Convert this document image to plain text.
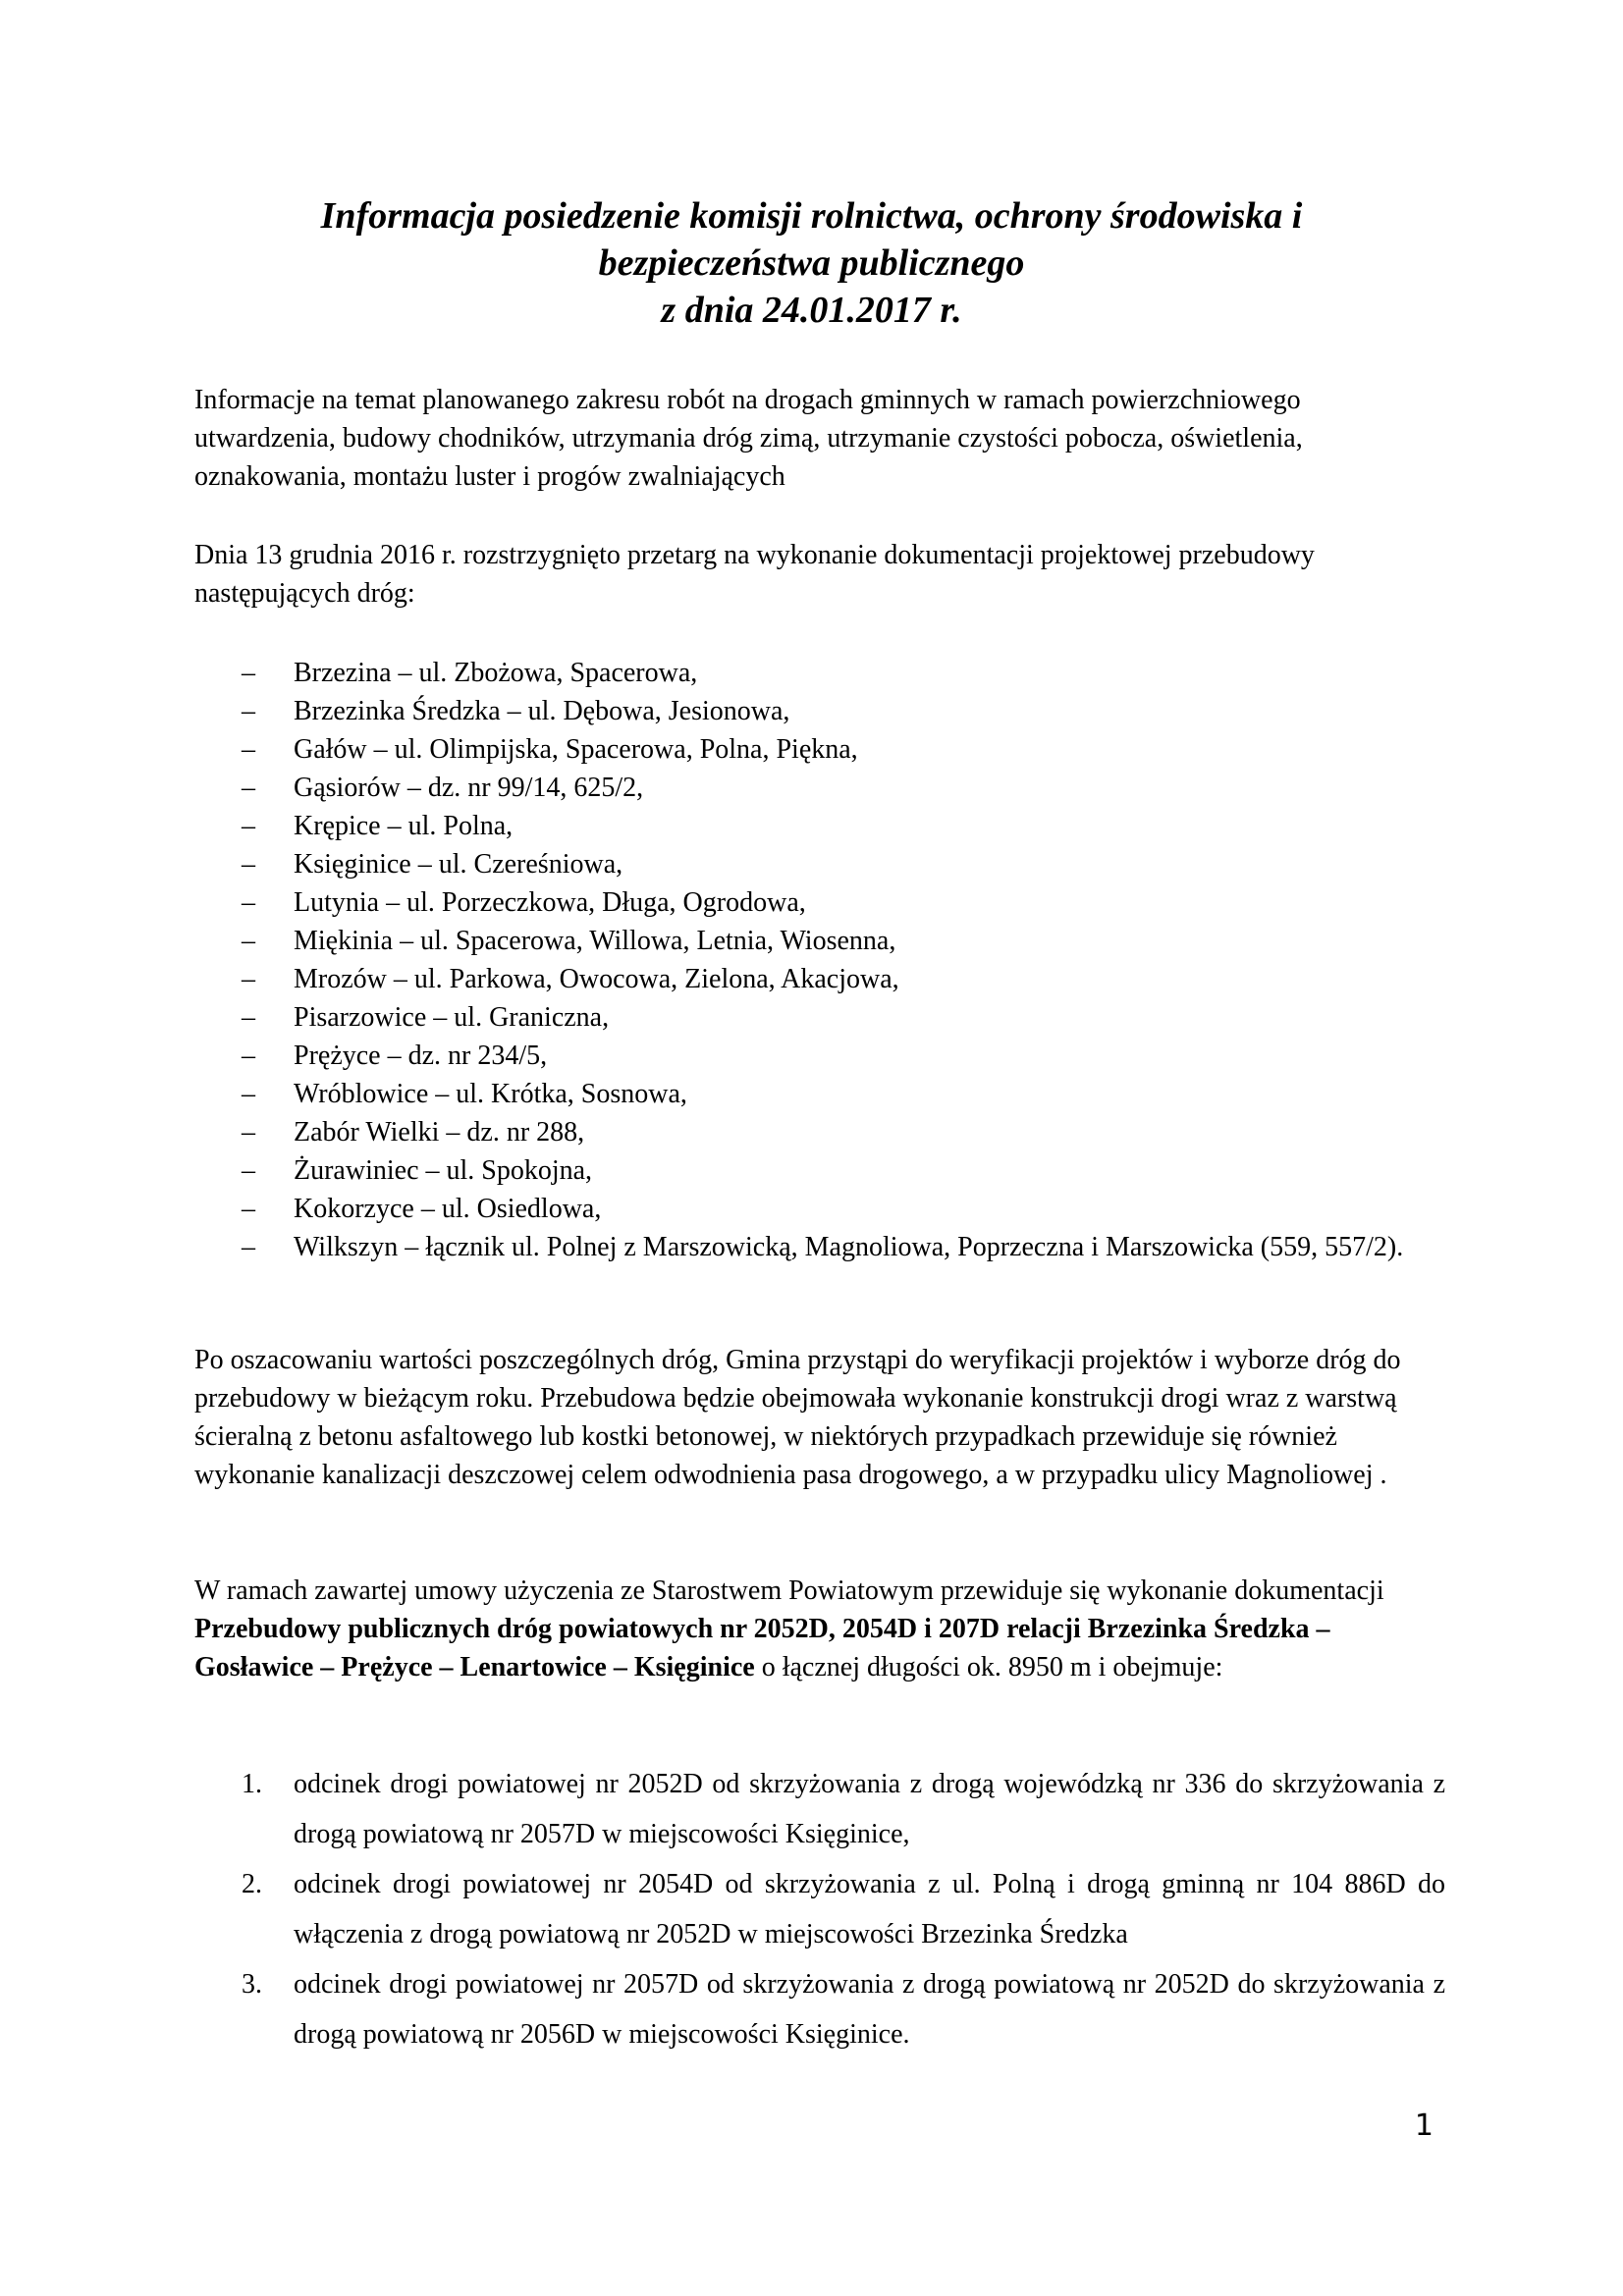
Informacja posiedzenie komisji rolnictwa, ochrony środowiska i
bezpieczeństwa publicznego
z dnia 24.01.2017 r.
Informacje na temat planowanego zakresu robót na drogach gminnych w ramach powierzchniowego utwardzenia, budowy chodników, utrzymania dróg zimą, utrzymanie czystości pobocza, oświetlenia, oznakowania, montażu luster i progów zwalniających
Dnia 13 grudnia 2016 r. rozstrzygnięto przetarg na wykonanie dokumentacji projektowej przebudowy następujących dróg:
– Brzezina – ul. Zbożowa, Spacerowa,
– Brzezinka Średzka – ul. Dębowa, Jesionowa,
– Gałów – ul. Olimpijska, Spacerowa, Polna, Piękna,
– Gąsiorów – dz. nr 99/14, 625/2,
– Krępice – ul. Polna,
– Księginice – ul. Czereśniowa,
– Lutynia – ul. Porzeczkowa, Długa, Ogrodowa,
– Miękinia – ul. Spacerowa, Willowa, Letnia, Wiosenna,
– Mrozów – ul. Parkowa, Owocowa, Zielona, Akacjowa,
– Pisarzowice – ul. Graniczna,
– Prężyce – dz. nr 234/5,
– Wróblowice – ul. Krótka, Sosnowa,
– Zabór Wielki – dz. nr 288,
– Żurawiniec – ul. Spokojna,
– Kokorzyce – ul. Osiedlowa,
– Wilkszyn – łącznik ul. Polnej z Marszowicką, Magnoliowa, Poprzeczna i Marszowicka (559, 557/2).
Po oszacowaniu wartości poszczególnych dróg, Gmina przystąpi do weryfikacji projektów i wyborze dróg do przebudowy w bieżącym roku. Przebudowa będzie obejmowała wykonanie konstrukcji drogi wraz z warstwą ścieralną z betonu asfaltowego lub kostki betonowej, w niektórych przypadkach przewiduje się również wykonanie kanalizacji deszczowej celem odwodnienia pasa drogowego, a w przypadku ulicy Magnoliowej .
W ramach zawartej umowy użyczenia ze Starostwem Powiatowym przewiduje się wykonanie dokumentacji Przebudowy publicznych dróg powiatowych nr 2052D, 2054D i 207D relacji Brzezinka Średzka – Gosławice – Prężyce – Lenartowice – Księginice o łącznej długości ok. 8950 m i obejmuje:
1. odcinek drogi powiatowej nr 2052D od skrzyżowania z drogą wojewódzką nr 336 do skrzyżowania z drogą powiatową nr 2057D w miejscowości Księginice,
2. odcinek drogi powiatowej nr 2054D od skrzyżowania z ul. Polną i drogą gminną nr 104 886D do włączenia z drogą powiatową nr 2052D w miejscowości Brzezinka Średzka
3. odcinek drogi powiatowej nr 2057D od skrzyżowania z drogą powiatową nr 2052D do skrzyżowania z drogą powiatową nr 2056D w miejscowości Księginice.
1
